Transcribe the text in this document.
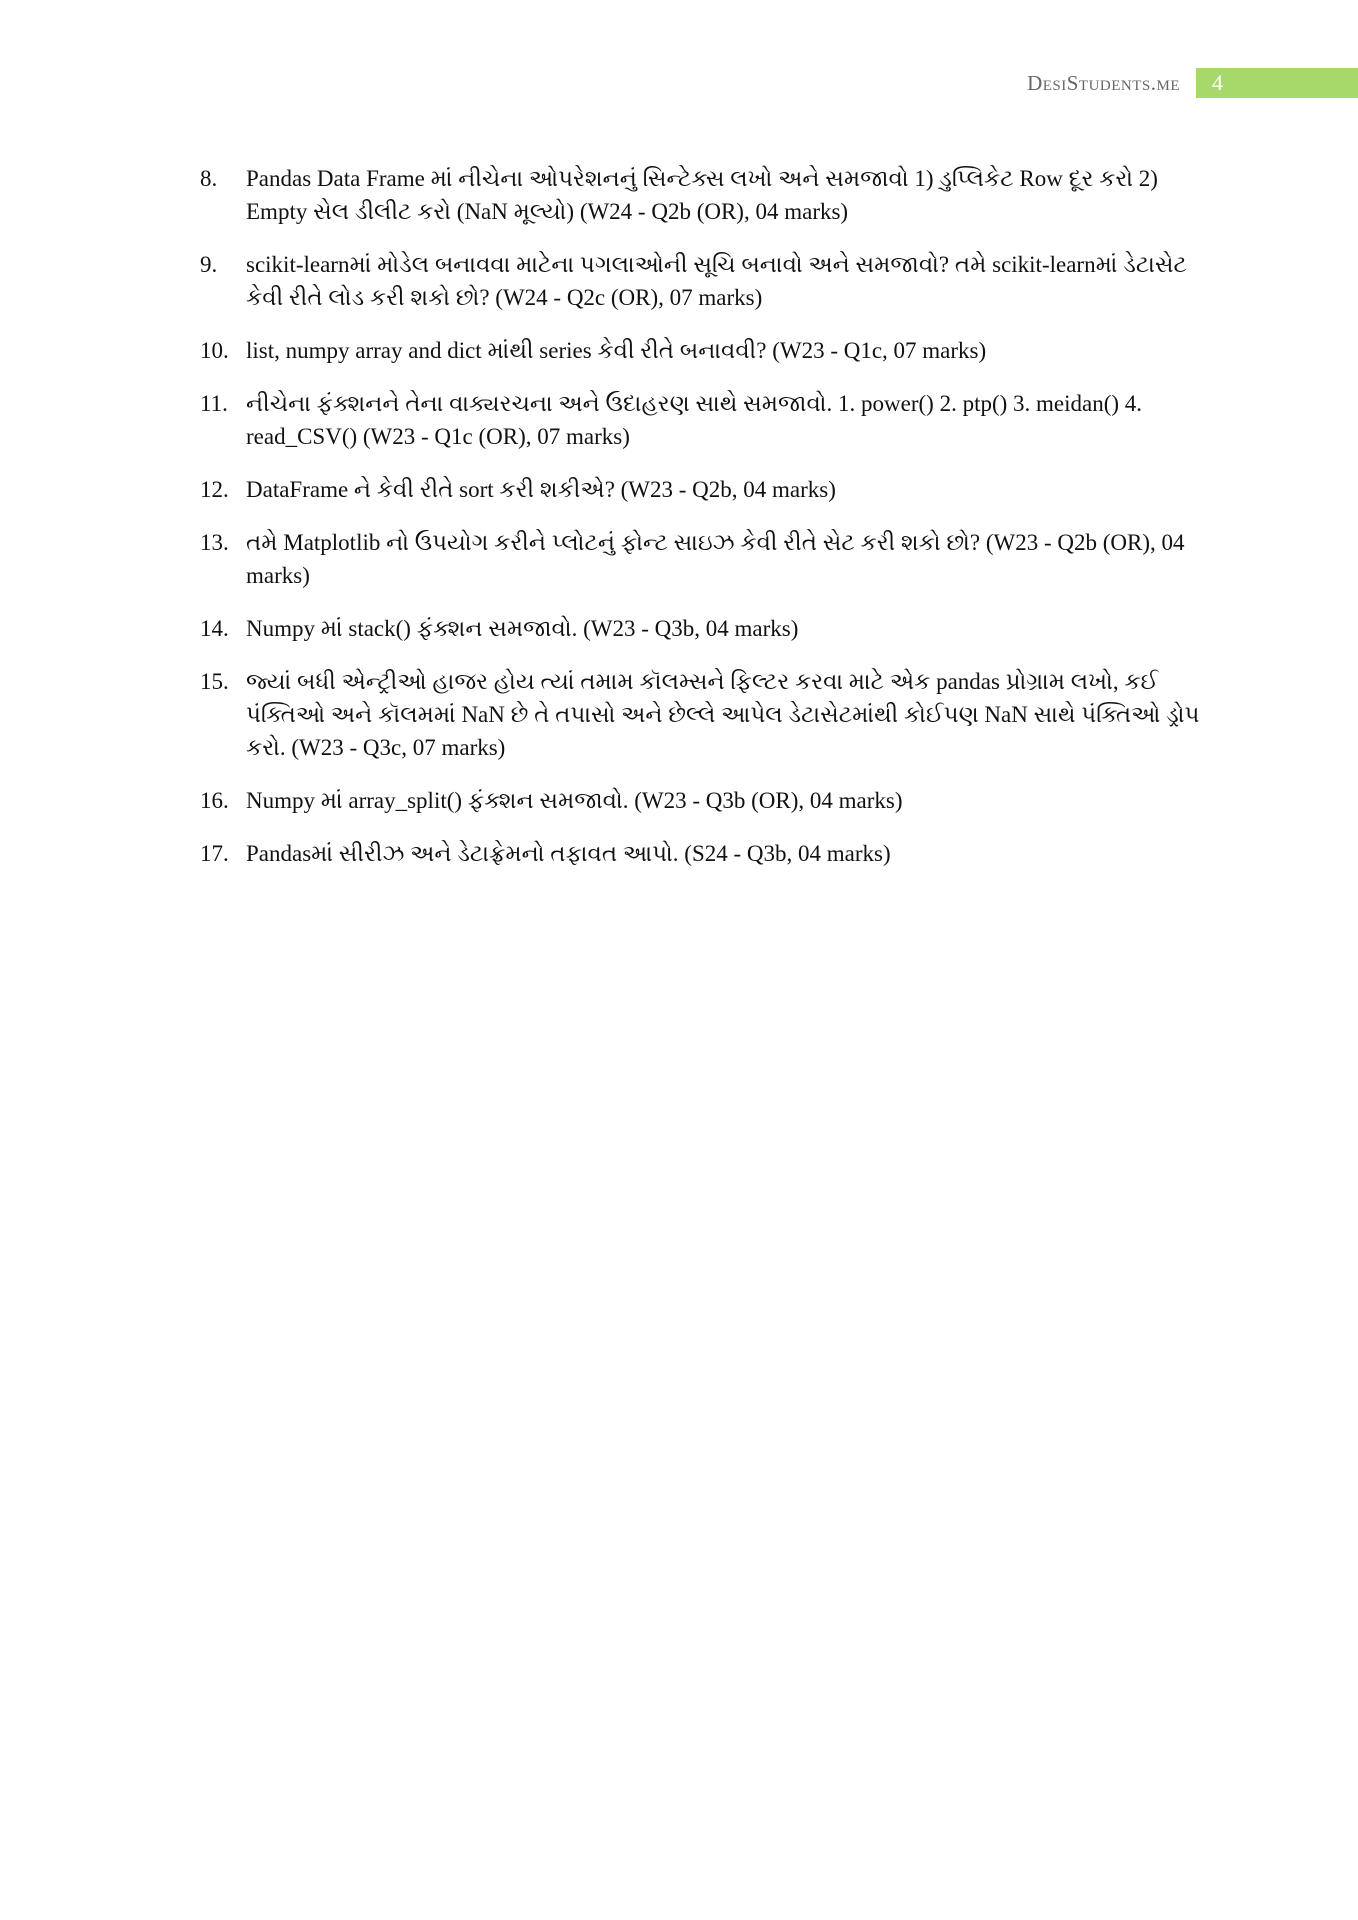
DesiStudents.me	4
8.	Pandas Data Frame માં નીચેના ઓપરેશનનું સિન્ટેક્સ લખો અને સમજાવો 1) ડુપ્લિકેટ Row દૂર કરો 2) Empty સેલ ડીલીટ કરો (NaN મૂલ્યો) (W24 - Q2b (OR), 04 marks)
9.	scikit-learnમાં મોડેલ બનાવવા માટેના પગલાઓની સૂચિ બનાવો અને સમજાવો? તમે scikit-learnમાં ડેટાસેટ કેવી રીતે લોડ કરી શકો છો? (W24 - Q2c (OR), 07 marks)
10. list, numpy array and dict માંથી series કેવી રીતે બનાવવી? (W23 - Q1c, 07 marks)
11. નીચેના ફંક્શનને તેના વાક્યરચના અને ઉદાહરણ સાથે સમજાવો. 1. power() 2. ptp() 3. meidan() 4. read_CSV() (W23 - Q1c (OR), 07 marks)
12. DataFrame ને કેવી રીતે sort કરી શકીએ? (W23 - Q2b, 04 marks)
13. તમે Matplotlib નો ઉપયોગ કરીને પ્લોટનું ફોન્ટ સાઇઝ કેવી રીતે સેટ કરી શકો છો? (W23 - Q2b (OR), 04 marks)
14. Numpy માં stack() ફંક્શન સમજાવો. (W23 - Q3b, 04 marks)
15. જ્યાં બધી એન્ટ્રીઓ હાજર હોય ત્યાં તમામ કૉલમ્સને ફિલ્ટર કરવા માટે એક pandas પ્રોગ્રામ લખો, કઈ પંક્તિઓ અને કૉલમમાં NaN છે તે તપાસો અને છેલ્લે આપેલ ડેટાસેટમાંથી કોઈપણ NaN સાથે પંક્તિઓ ડ્રોપ કરો. (W23 - Q3c, 07 marks)
16. Numpy માં array_split() ફંક્શન સમજાવો. (W23 - Q3b (OR), 04 marks)
17. Pandasમાં સીરીઝ અને ડેટાફ્રેમનો તફાવત આપો. (S24 - Q3b, 04 marks)
